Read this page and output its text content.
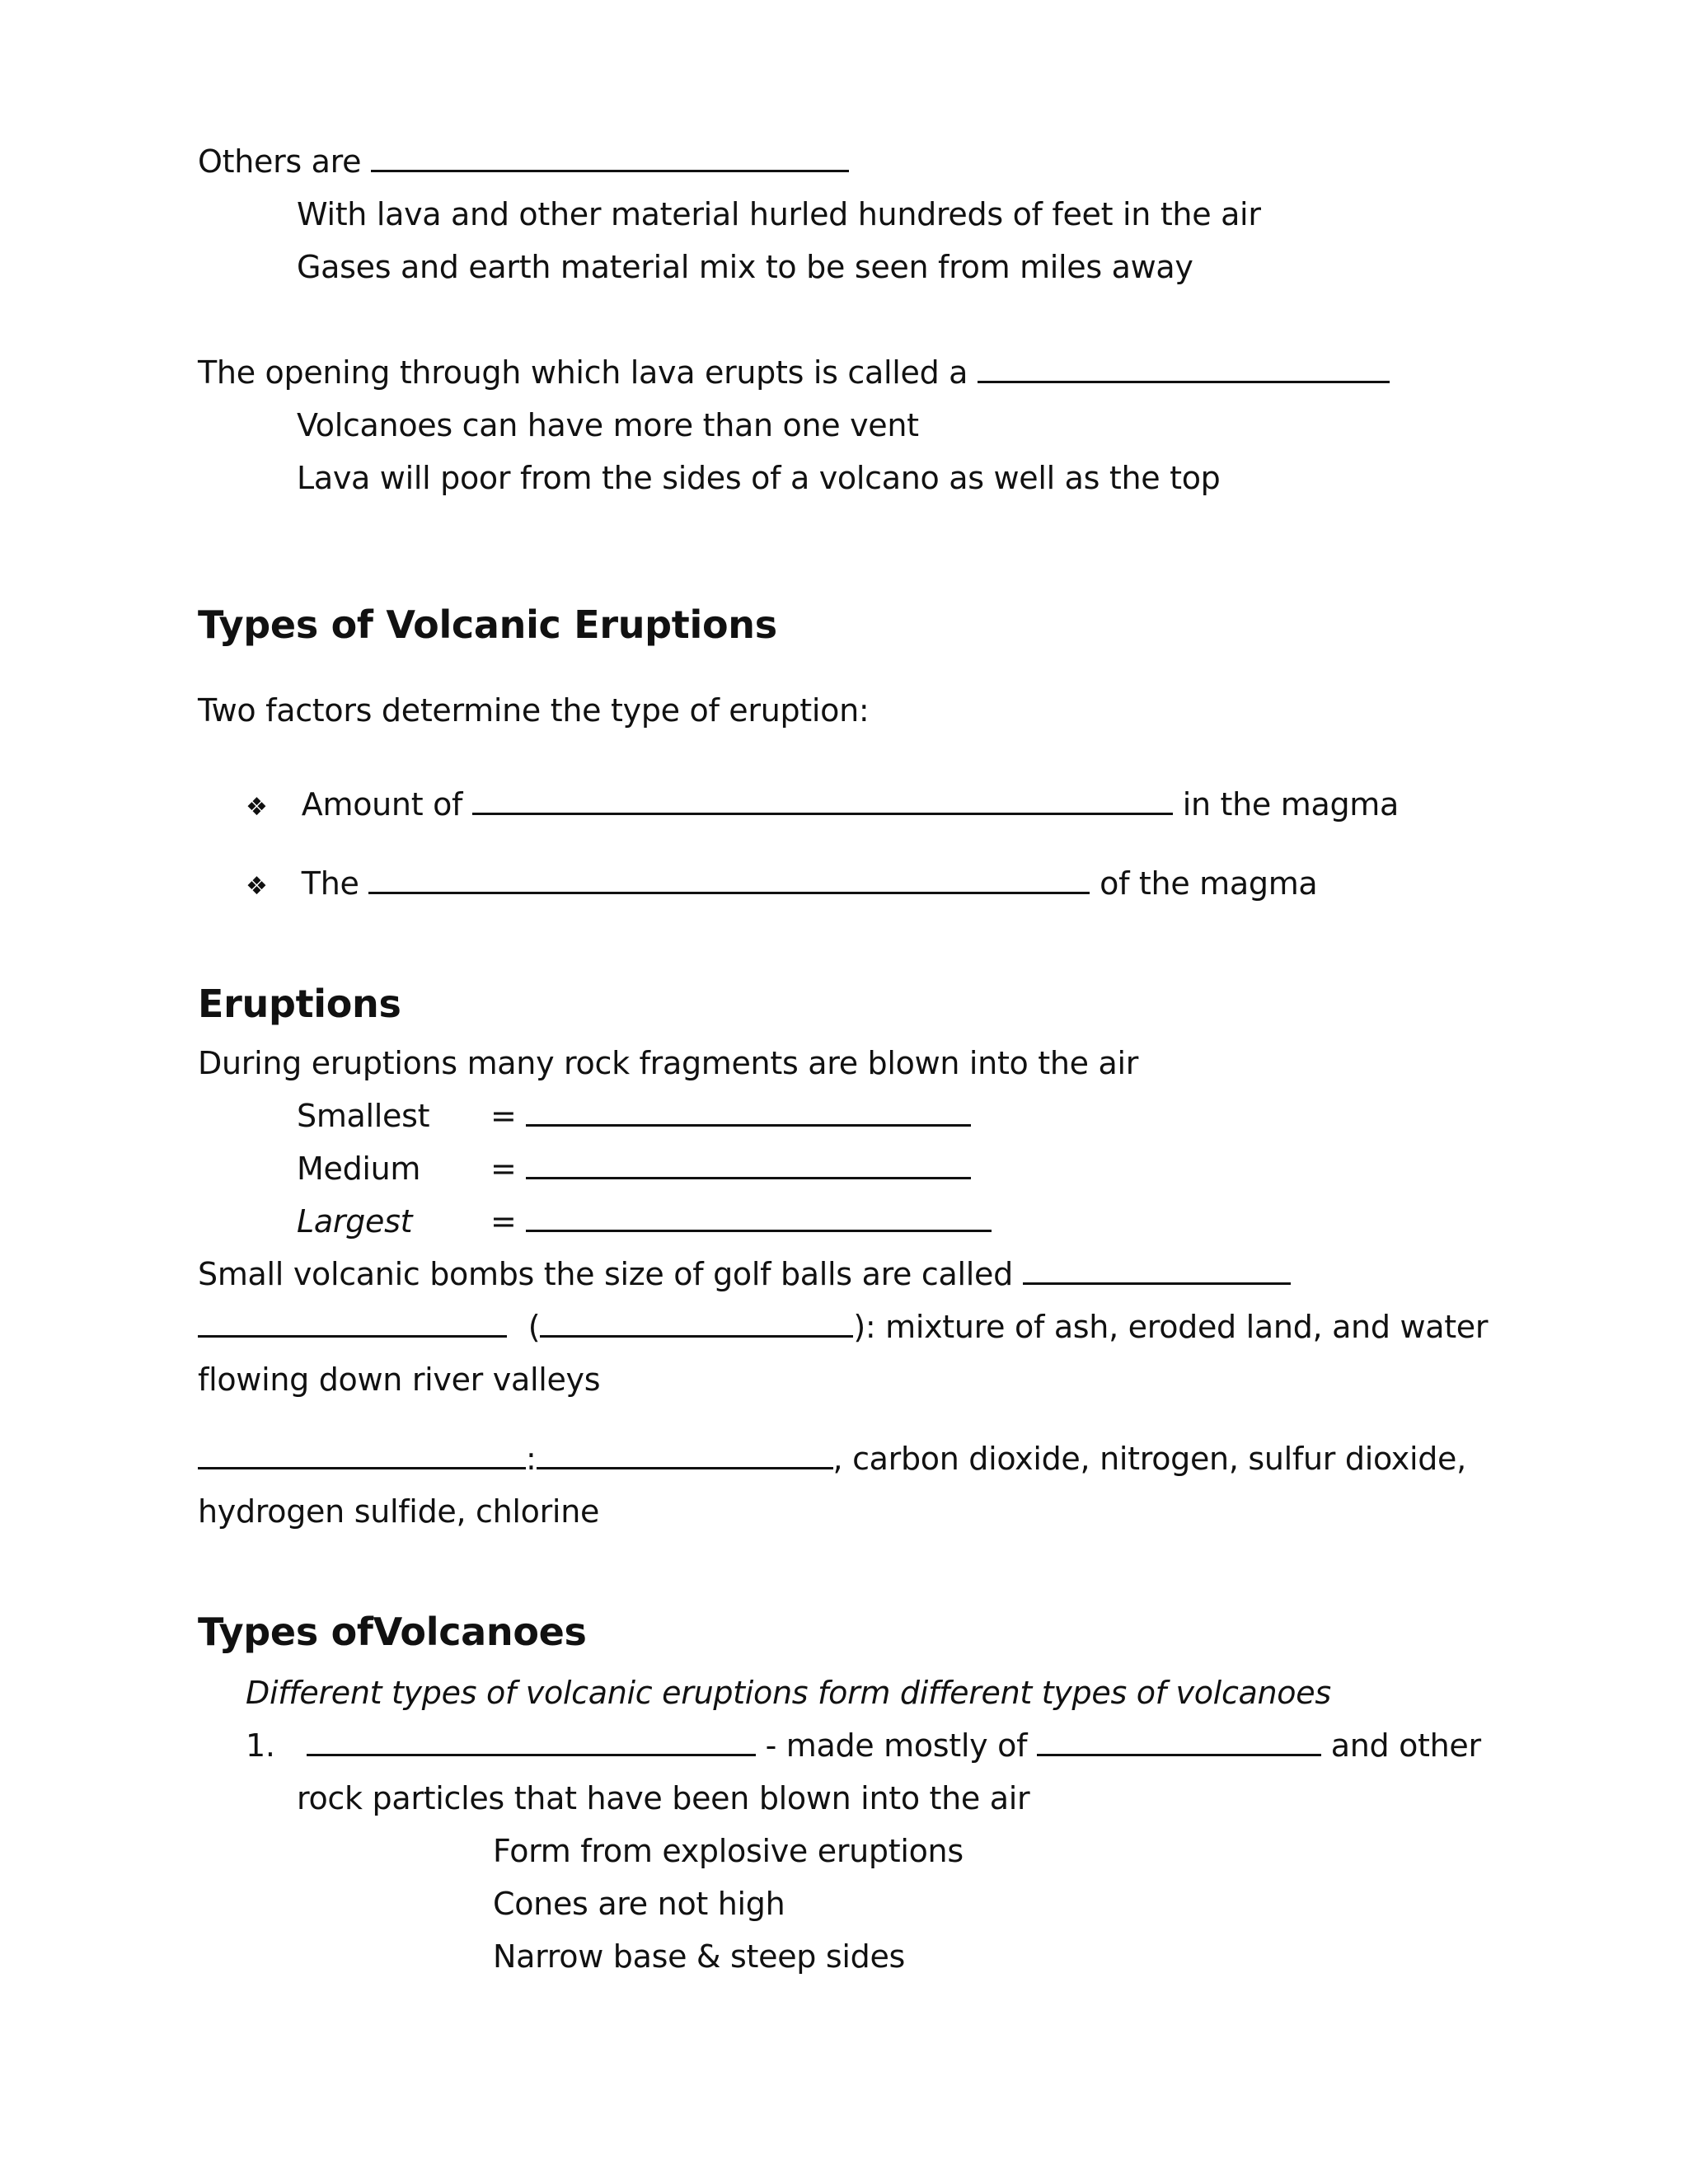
Others are
With lava and other material hurled hundreds of feet in the air
Gases and earth material mix to be seen from miles away
The opening through which lava erupts is called a
Volcanoes can have more than one vent
Lava will poor from the sides of a volcano as well as the top
Types of Volcanic Eruptions
Two factors determine the type of eruption:
❖ Amount of	in the magma
❖ The	of the magma
Eruptions
During eruptions many rock fragments are blown into the air
Smallest =
Medium =
Largest =
Small volcanic bombs the size of golf balls are called
(	): mixture of ash, eroded land, and water
flowing down river valleys
:	, carbon dioxide, nitrogen, sulfur dioxide,
hydrogen sulfide, chlorine
Types ofVolcanoes
Different types of volcanic eruptions form different types of volcanoes
1.	- made mostly of	and other
rock particles that have been blown into the air
Form from explosive eruptions
Cones are not high
Narrow base & steep sides
